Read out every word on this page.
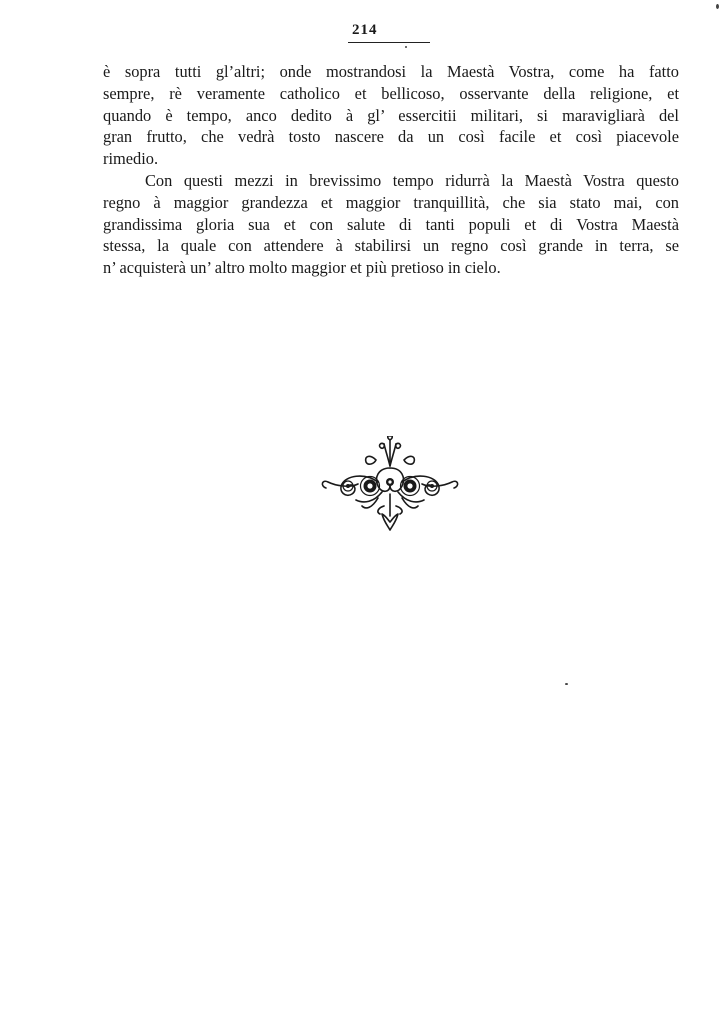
214
è sopra tutti gl’altri; onde mostrandosi la Maestà Vostra, come ha fatto
sempre, rè veramente catholico et bellicoso, osservante della religione, et
quando è tempo, anco dedito à gl’ essercitii militari, si maravigliarà del
gran frutto, che vedrà tosto nascere da un così facile et così piacevole
rimedio.
Con questi mezzi in brevissimo tempo ridurrà la Maestà Vostra questo
regno à maggior grandezza et maggior tranquillità, che sia stato mai, con
grandissima gloria sua et con salute di tanti populi et di Vostra Maestà
stessa, la quale con attendere à stabilirsi un regno così grande in terra, se
n’ acquisterà un’ altro molto maggior et più pretioso in cielo.
